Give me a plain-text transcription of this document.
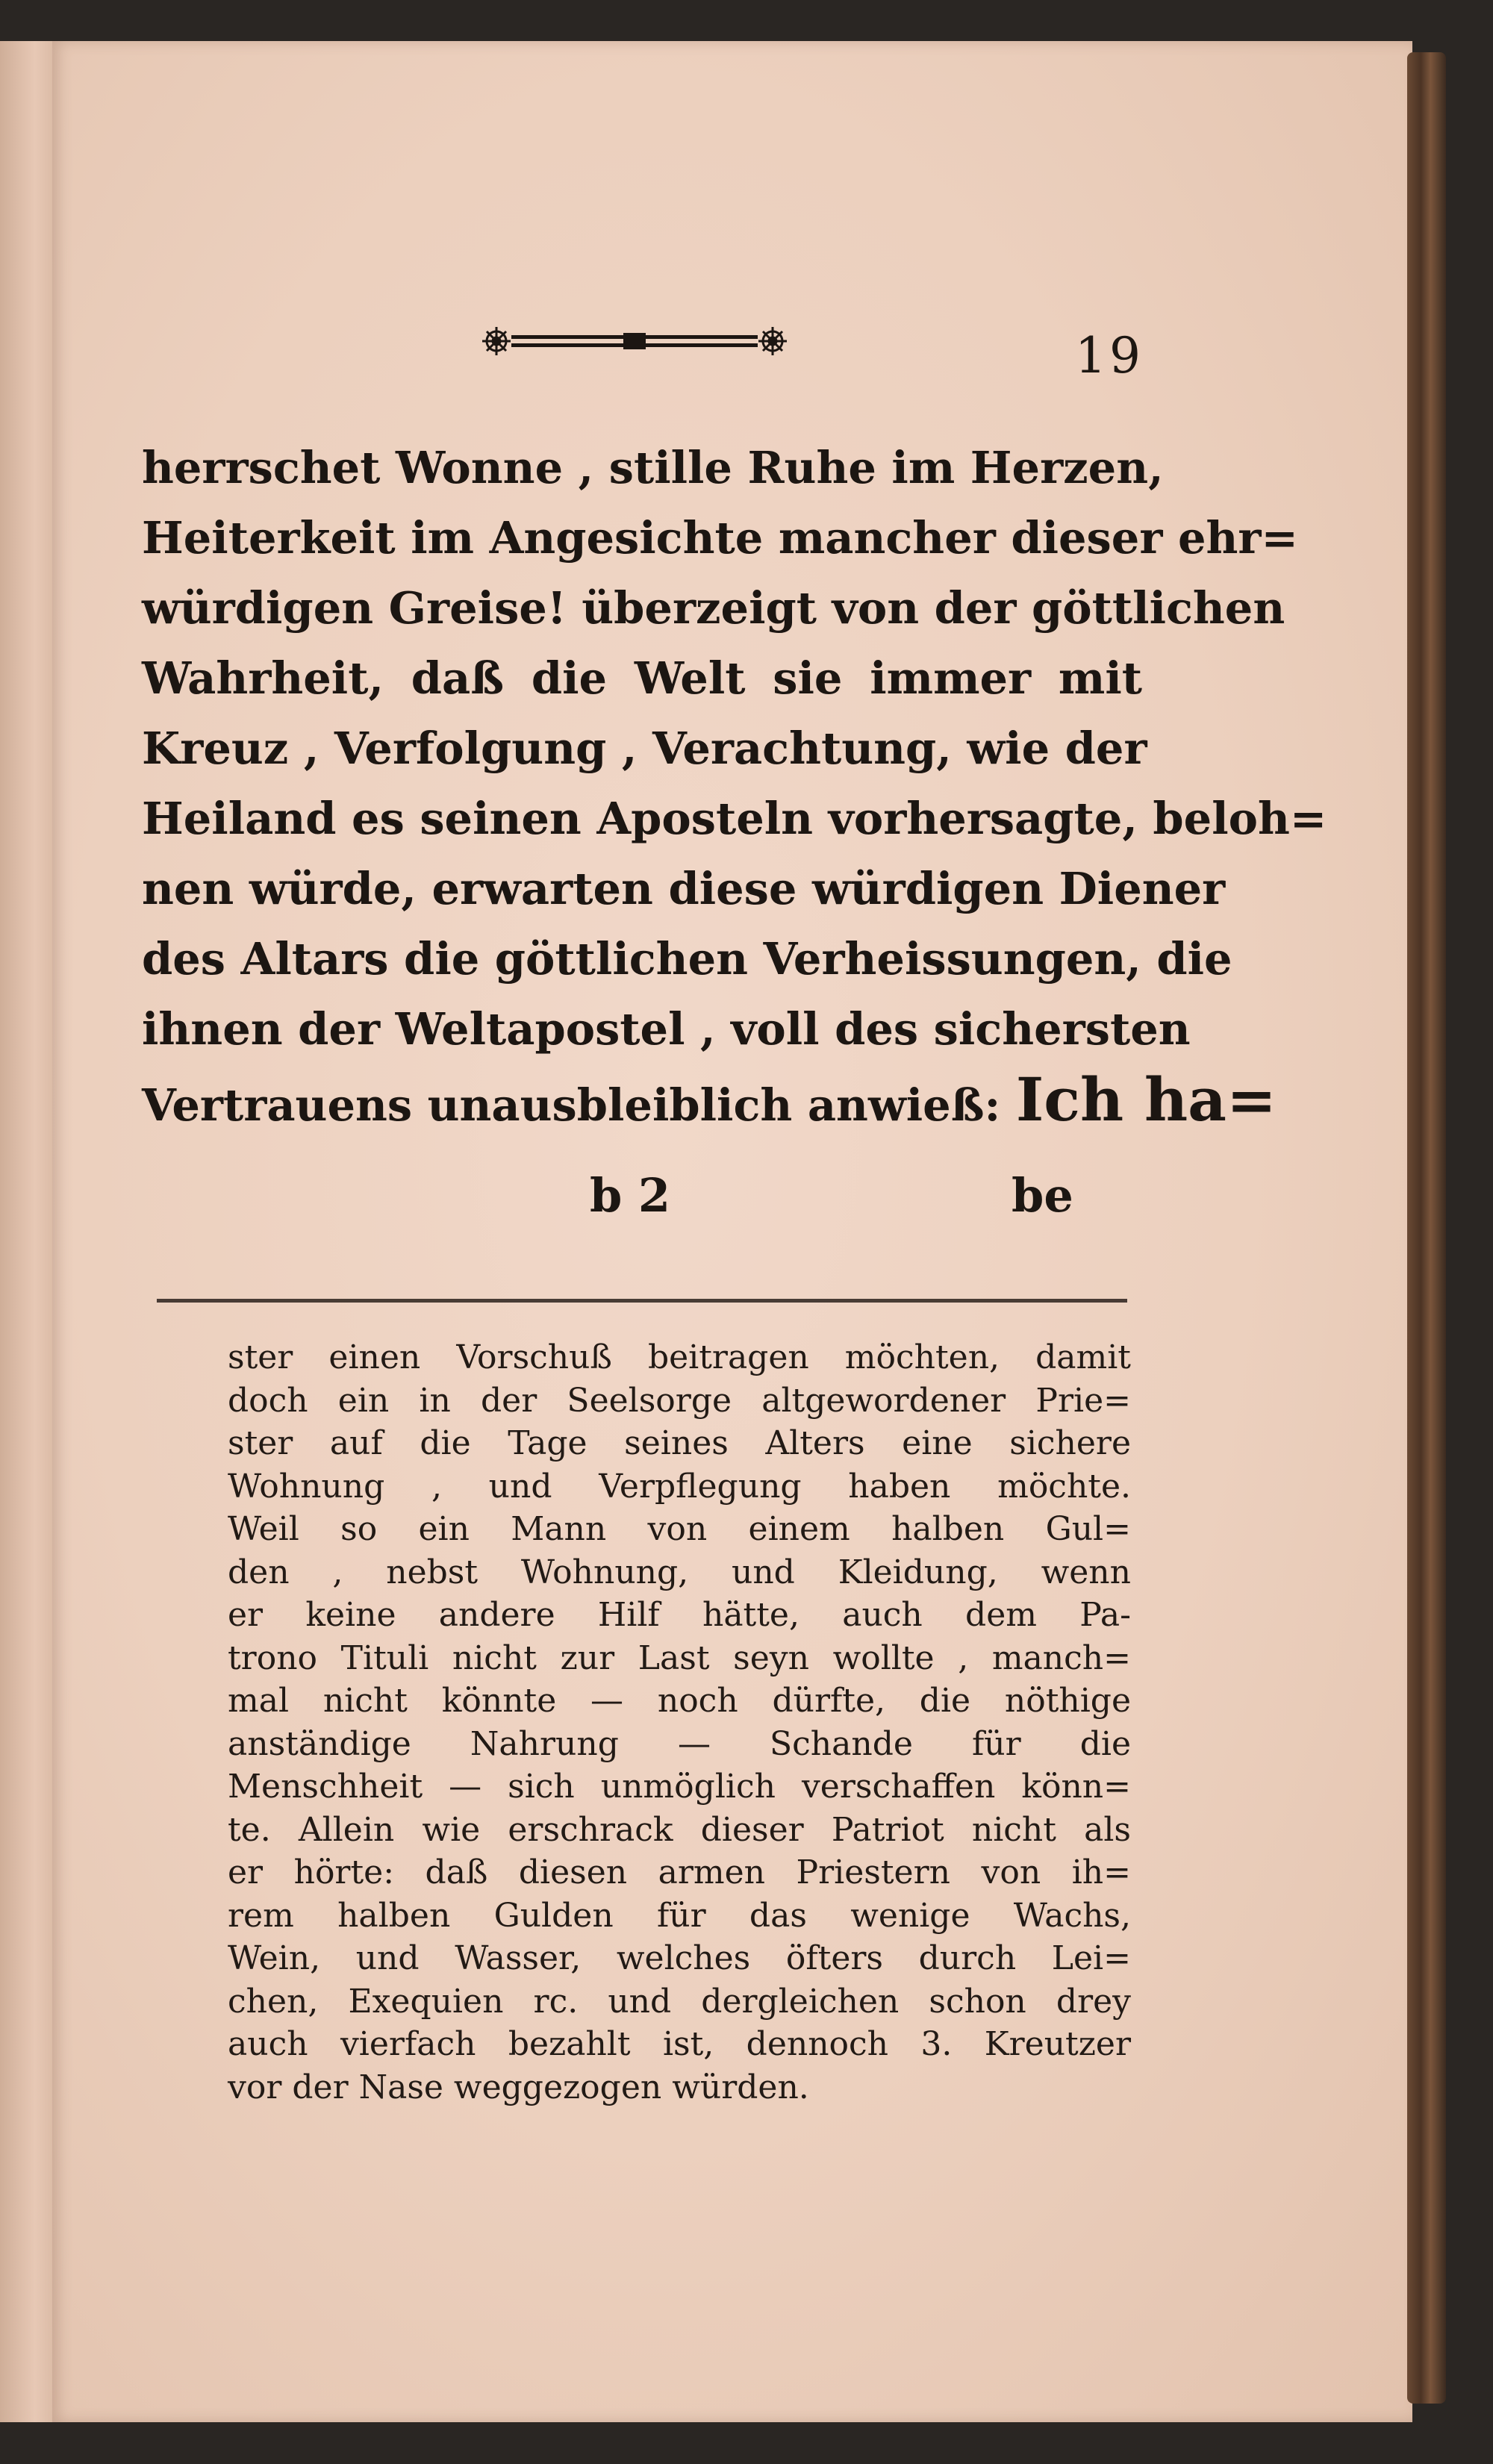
19
herrschet Wonne , stille Ruhe im Herzen,
Heiterkeit im Angesichte mancher dieser ehr=
würdigen Greise! überzeigt von der göttlichen
Wahrheit, daß die Welt sie immer mit
Kreuz , Verfolgung , Verachtung, wie der
Heiland es seinen Aposteln vorhersagte, beloh=
nen würde, erwarten diese würdigen Diener
des Altars die göttlichen Verheissungen, die
ihnen der Weltapostel , voll des sichersten
Vertrauens unausbleiblich anwieß: Ich ha=
b 2	be
ster einen Vorschuß beitragen möchten, damit
doch ein in der Seelsorge altgewordener Prie=
ster auf die Tage seines Alters eine sichere
Wohnung , und Verpflegung haben möchte.
Weil so ein Mann von einem halben Gul=
den , nebst Wohnung, und Kleidung, wenn
er keine andere Hilf hätte, auch dem Pa-
trono Tituli nicht zur Last seyn wollte , manch=
mal nicht könnte — noch dürfte, die nöthige
anständige Nahrung — Schande für die
Menschheit — sich unmöglich verschaffen könn=
te. Allein wie erschrack dieser Patriot nicht als
er hörte: daß diesen armen Priestern von ih=
rem halben Gulden für das wenige Wachs,
Wein, und Wasser, welches öfters durch Lei=
chen, Exequien rc. und dergleichen schon drey
auch vierfach bezahlt ist, dennoch 3. Kreutzer
vor der Nase weggezogen würden.
